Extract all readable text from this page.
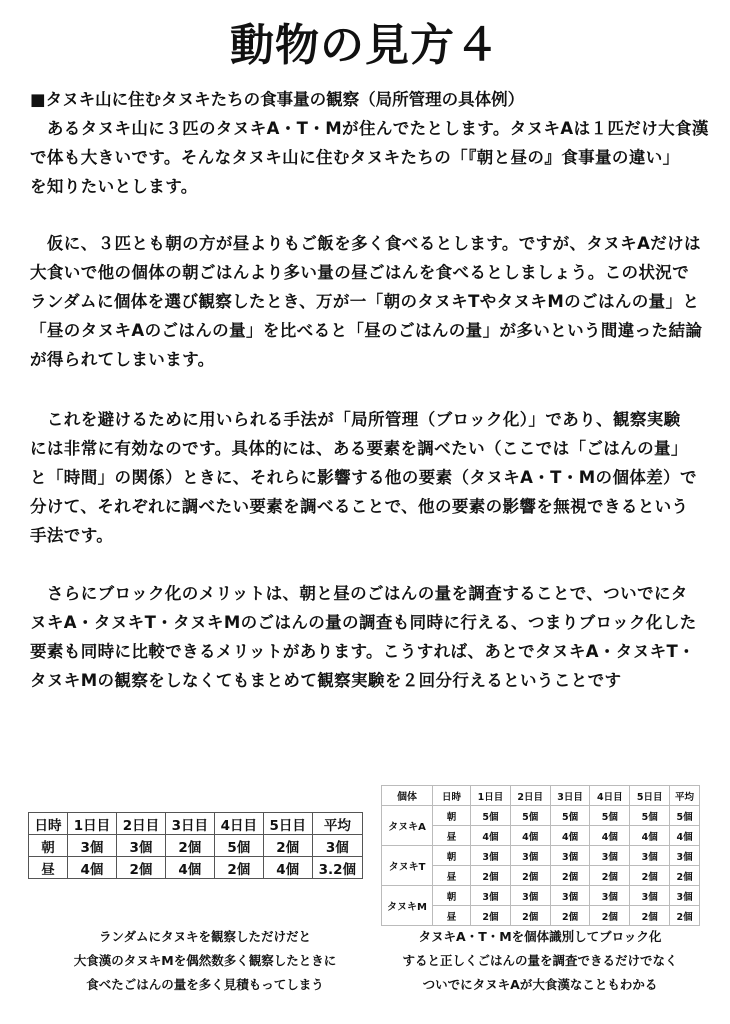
動物の見方４
■タヌキ山に住むタヌキたちの食事量の観察（局所管理の具体例）
　あるタヌキ山に３匹のタヌキA・T・Mが住んでたとします。タヌキAは１匹だけ大食漢
で体も大きいです。そんなタヌキ山に住むタヌキたちの「『朝と昼の』食事量の違い」
を知りたいとします。
　仮に、３匹とも朝の方が昼よりもご飯を多く食べるとします。ですが、タヌキAだけは
大食いで他の個体の朝ごはんより多い量の昼ごはんを食べるとしましょう。この状況で
ランダムに個体を選び観察したとき、万が一「朝のタヌキTやタヌキMのごはんの量」と
「昼のタヌキAのごはんの量」を比べると「昼のごはんの量」が多いという間違った結論
が得られてしまいます。
　これを避けるために用いられる手法が「局所管理（ブロック化）」であり、観察実験
には非常に有効なのです。具体的には、ある要素を調べたい（ここでは「ごはんの量」
と「時間」の関係）ときに、それらに影響する他の要素（タヌキA・T・Mの個体差）で
分けて、それぞれに調べたい要素を調べることで、他の要素の影響を無視できるという
手法です。
　さらにブロック化のメリットは、朝と昼のごはんの量を調査することで、ついでにタ
ヌキA・タヌキT・タヌキMのごはんの量の調査も同時に行える、つまりブロック化した
要素も同時に比較できるメリットがあります。こうすれば、あとでタヌキA・タヌキT・
タヌキMの観察をしなくてもまとめて観察実験を２回分行えるということです
日時	1日目	2日目	3日目	4日目	5日目	平均
朝	3個	3個	2個	5個	2個	3個
昼	4個	2個	4個	2個	4個	3.2個
個体	日時	1日目	2日目	3日目	4日目	5日目	平均
タヌキA	朝	5個	5個	5個	5個	5個	5個
	昼	4個	4個	4個	4個	4個	4個
タヌキT	朝	3個	3個	3個	3個	3個	3個
	昼	2個	2個	2個	2個	2個	2個
タヌキM	朝	3個	3個	3個	3個	3個	3個
	昼	2個	2個	2個	2個	2個	2個
ランダムにタヌキを観察しただけだと
大食漢のタヌキMを偶然数多く観察したときに
食べたごはんの量を多く見積もってしまう
タヌキA・T・Mを個体識別してブロック化
すると正しくごはんの量を調査できるだけでなく
ついでにタヌキAが大食漢なこともわかる
